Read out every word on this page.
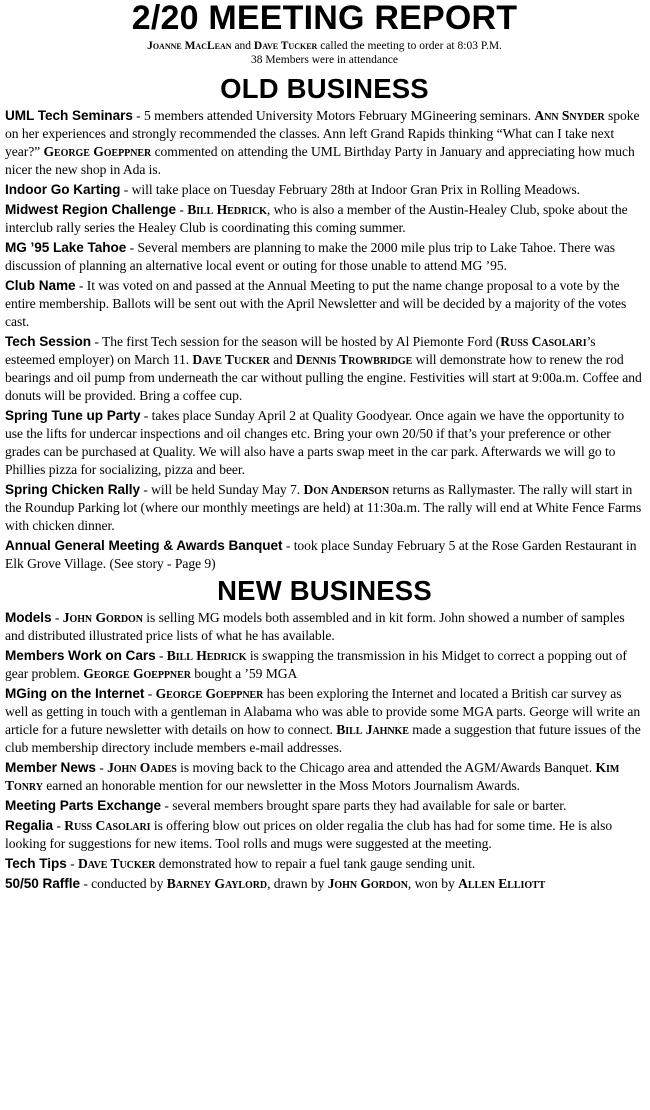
2/20 MEETING REPORT
Joanne MacLean and Dave Tucker called the meeting to order at 8:03 P.M.
38 Members were in attendance
OLD BUSINESS

UML Tech Seminars - 5 members attended University Motors February MGineering seminars. Ann Snyder spoke on her experiences and strongly recommended the classes. Ann left Grand Rapids thinking “What can I take next year?” George Goeppner commented on attending the UML Birthday Party in January and appreciating how much nicer the new shop in Ada is.

Indoor Go Karting - will take place on Tuesday February 28th at Indoor Gran Prix in Rolling Meadows.

Midwest Region Challenge - Bill Hedrick, who is also a member of the Austin-Healey Club, spoke about the interclub rally series the Healey Club is coordinating this coming summer.

MG ’95 Lake Tahoe - Several members are planning to make the 2000 mile plus trip to Lake Tahoe. There was discussion of planning an alternative local event or outing for those unable to attend MG ’95.

Club Name - It was voted on and passed at the Annual Meeting to put the name change proposal to a vote by the entire membership. Ballots will be sent out with the April Newsletter and will be decided by a majority of the votes cast.

Tech Session - The first Tech session for the season will be hosted by Al Piemonte Ford (Russ Casolari’s esteemed employer) on March 11. Dave Tucker and Dennis Trowbridge will demonstrate how to renew the rod bearings and oil pump from underneath the car without pulling the engine. Festivities will start at 9:00a.m. Coffee and donuts will be provided. Bring a coffee cup.

Spring Tune up Party - takes place Sunday April 2 at Quality Goodyear. Once again we have the opportunity to use the lifts for undercar inspections and oil changes etc. Bring your own 20/50 if that’s your preference or other grades can be purchased at Quality. We will also have a parts swap meet in the car park. Afterwards we will go to Phillies pizza for socializing, pizza and beer.

Spring Chicken Rally - will be held Sunday May 7. Don Anderson returns as Rallymaster. The rally will start in the Roundup Parking lot (where our monthly meetings are held) at 11:30a.m. The rally will end at White Fence Farms with chicken dinner.

Annual General Meeting & Awards Banquet - took place Sunday February 5 at the Rose Garden Restaurant in Elk Grove Village. (See story - Page 9)

NEW BUSINESS

Models - John Gordon is selling MG models both assembled and in kit form. John showed a number of samples and distributed illustrated price lists of what he has available.

Members Work on Cars - Bill Hedrick is swapping the transmission in his Midget to correct a popping out of gear problem. George Goeppner bought a ’59 MGA

MGing on the Internet - George Goeppner has been exploring the Internet and located a British car survey as well as getting in touch with a gentleman in Alabama who was able to provide some MGA parts. George will write an article for a future newsletter with details on how to connect. Bill Jahnke made a suggestion that future issues of the club membership directory include members e-mail addresses.

Member News - John Oades is moving back to the Chicago area and attended the AGM/Awards Banquet. Kim Tonry earned an honorable mention for our newsletter in the Moss Motors Journalism Awards.

Meeting Parts Exchange - several members brought spare parts they had available for sale or barter.

Regalia - Russ Casolari is offering blow out prices on older regalia the club has had for some time. He is also looking for suggestions for new items. Tool rolls and mugs were suggested at the meeting.

Tech Tips - Dave Tucker demonstrated how to repair a fuel tank gauge sending unit.

50/50 Raffle - conducted by Barney Gaylord, drawn by John Gordon, won by Allen Elliott
